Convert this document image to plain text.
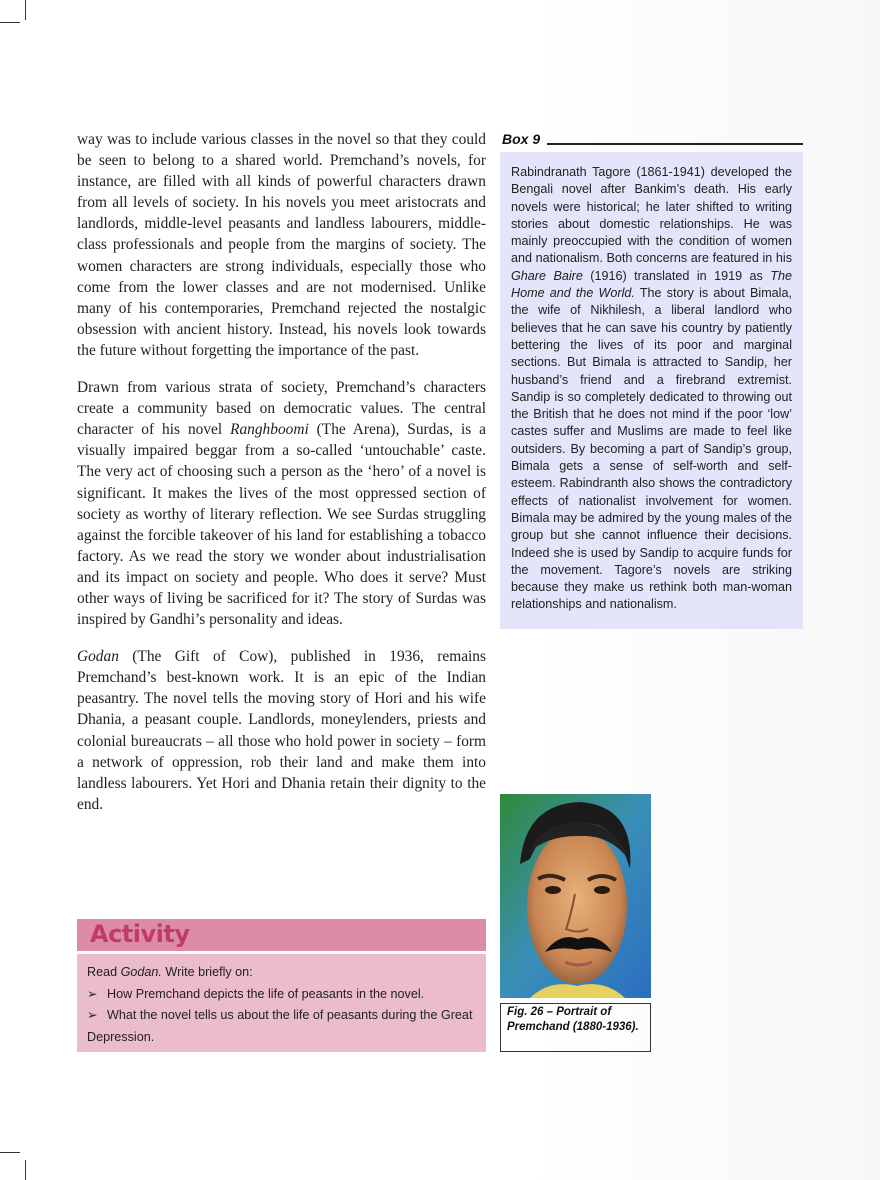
way was to include various classes in the novel so that they could be seen to belong to a shared world. Premchand’s novels, for instance, are filled with all kinds of powerful characters drawn from all levels of society. In his novels you meet aristocrats and landlords, middle-level peasants and landless labourers, middle-class professionals and people from the margins of society. The women characters are strong individuals, especially those who come from the lower classes and are not modernised. Unlike many of his contemporaries, Premchand rejected the nostalgic obsession with ancient history. Instead, his novels look towards the future without forgetting the importance of the past.

Drawn from various strata of society, Premchand’s characters create a community based on democratic values. The central character of his novel Ranghboomi (The Arena), Surdas, is a visually impaired beggar from a so-called ‘untouchable’ caste. The very act of choosing such a person as the ‘hero’ of a novel is significant. It makes the lives of the most oppressed section of society as worthy of literary reflection. We see Surdas struggling against the forcible takeover of his land for establishing a tobacco factory. As we read the story we wonder about industrialisation and its impact on society and people. Who does it serve? Must other ways of living be sacrificed for it? The story of Surdas was inspired by Gandhi’s personality and ideas.

Godan (The Gift of Cow), published in 1936, remains Premchand’s best-known work. It is an epic of the Indian peasantry. The novel tells the moving story of Hori and his wife Dhania, a peasant couple. Landlords, moneylenders, priests and colonial bureaucrats – all those who hold power in society – form a network of oppression, rob their land and make them into landless labourers. Yet Hori and Dhania retain their dignity to the end.

Box 9
Rabindranath Tagore (1861-1941) developed the Bengali novel after Bankim’s death. His early novels were historical; he later shifted to writing stories about domestic relationships. He was mainly preoccupied with the condition of women and nationalism. Both concerns are featured in his Ghare Baire (1916) translated in 1919 as The Home and the World. The story is about Bimala, the wife of Nikhilesh, a liberal landlord who believes that he can save his country by patiently bettering the lives of its poor and marginal sections. But Bimala is attracted to Sandip, her husband’s friend and a firebrand extremist. Sandip is so completely dedicated to throwing out the British that he does not mind if the poor ‘low’ castes suffer and Muslims are made to feel like outsiders. By becoming a part of Sandip’s group, Bimala gets a sense of self-worth and self-esteem. Rabindranth also shows the contradictory effects of nationalist involvement for women. Bimala may be admired by the young males of the group but she cannot influence their decisions. Indeed she is used by Sandip to acquire funds for the movement. Tagore’s novels are striking because they make us rethink both man-woman relationships and nationalism.
Activity
Read Godan. Write briefly on:
➢ How Premchand depicts the life of peasants in the novel.
➢ What the novel tells us about the life of peasants during the Great Depression.
Fig. 26 – Portrait of Premchand (1880-1936).
